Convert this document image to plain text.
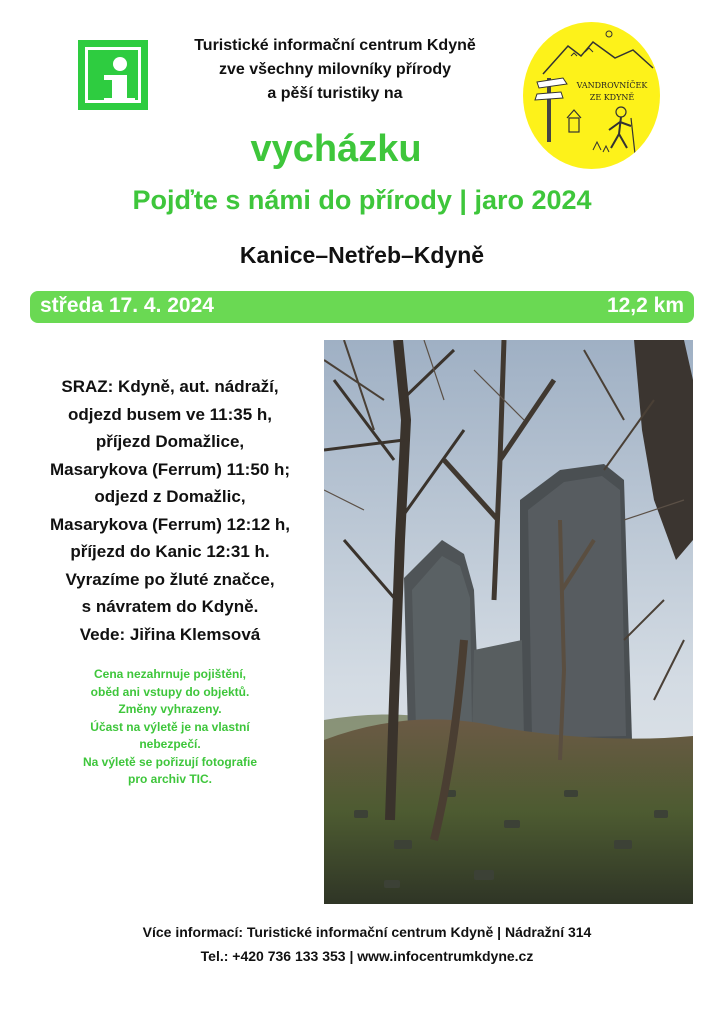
Turistické informační centrum Kdyně
zve všechny milovníky přírody
a pěší turistiky na	VANDROVNÍČEK
ZE KDYNĚ
vycházku
Pojďte s námi do přírody | jaro 2024
Kanice–Netřeb–Kdyně
středa 17. 4. 2024	12,2 km
SRAZ: Kdyně, aut. nádraží,
odjezd busem ve 11:35 h,
příjezd Domažlice,
Masarykova (Ferrum) 11:50 h;
odjezd z Domažlic,
Masarykova (Ferrum) 12:12 h,
příjezd do Kanic 12:31 h.
Vyrazíme po žluté značce,
s návratem do Kdyně.
Vede: Jiřina Klemsová
Cena nezahrnuje pojištění,
oběd ani vstupy do objektů.
Změny vyhrazeny.
Účast na výletě je na vlastní
nebezpečí.
Na výletě se pořizují fotografie
pro archiv TIC.
Více informací: Turistické informační centrum Kdyně | Nádražní 314
Tel.: +420 736 133 353 | www.infocentrumkdyne.cz
